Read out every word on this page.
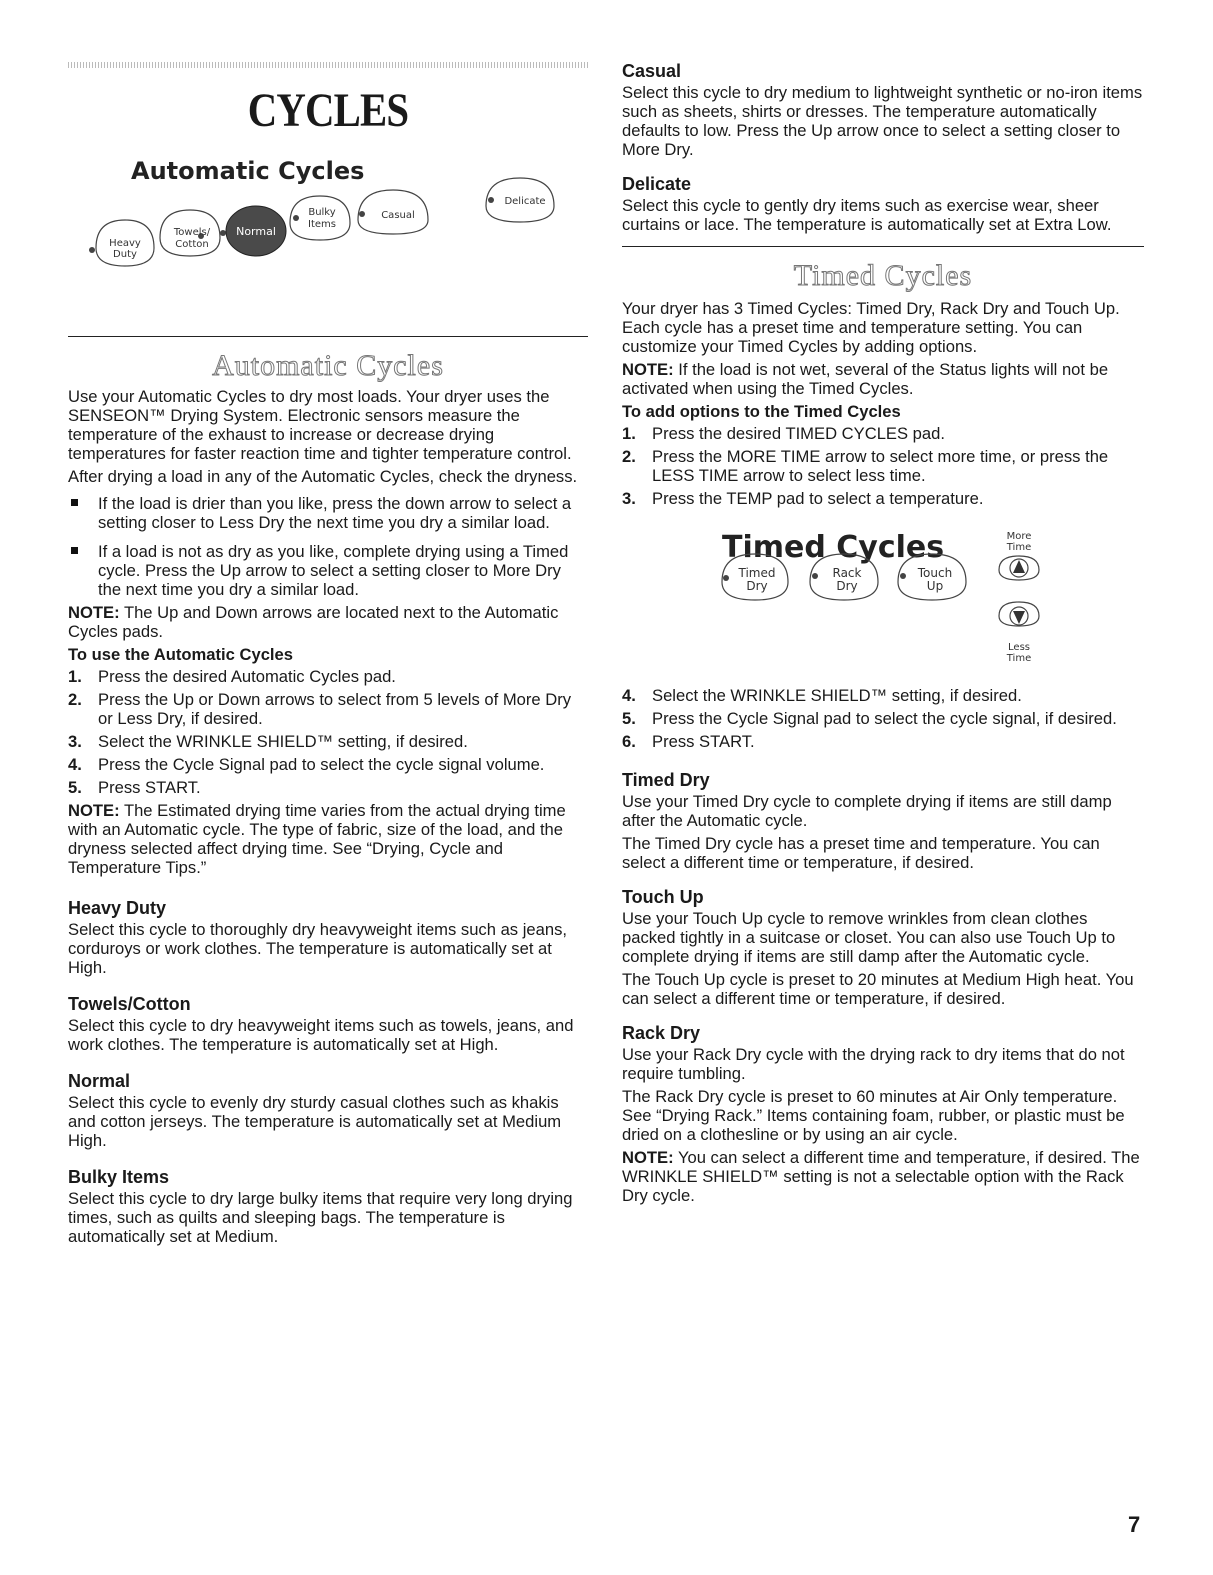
CYCLES
Automatic Cycles
Heavy
Duty
Towels/
Cotton
Normal
Bulky
Items
Casual
Delicate
Automatic Cycles

Use your Automatic Cycles to dry most loads. Your dryer uses the SENSEON™ Drying System. Electronic sensors measure the temperature of the exhaust to increase or decrease drying temperatures for faster reaction time and tighter temperature control.

After drying a load in any of the Automatic Cycles, check the dryness.

If the load is drier than you like, press the down arrow to select a setting closer to Less Dry the next time you dry a similar load.
If a load is not as dry as you like, complete drying using a Timed cycle. Press the Up arrow to select a setting closer to More Dry the next time you dry a similar load.

NOTE: The Up and Down arrows are located next to the Automatic Cycles pads.

To use the Automatic Cycles
1. Press the desired Automatic Cycles pad.
2. Press the Up or Down arrows to select from 5 levels of More Dry or Less Dry, if desired.
3. Select the WRINKLE SHIELD™ setting, if desired.
4. Press the Cycle Signal pad to select the cycle signal volume.
5. Press START.

NOTE: The Estimated drying time varies from the actual drying time with an Automatic cycle. The type of fabric, size of the load, and the dryness selected affect drying time. See “Drying, Cycle and Temperature Tips.”

Heavy Duty

Select this cycle to thoroughly dry heavyweight items such as jeans, corduroys or work clothes. The temperature is automatically set at High.

Towels/Cotton

Select this cycle to dry heavyweight items such as towels, jeans, and work clothes. The temperature is automatically set at High.

Normal

Select this cycle to evenly dry sturdy casual clothes such as khakis and cotton jerseys. The temperature is automatically set at Medium High.

Bulky Items

Select this cycle to dry large bulky items that require very long drying times, such as quilts and sleeping bags. The temperature is automatically set at Medium.

Casual

Select this cycle to dry medium to lightweight synthetic or no-iron items such as sheets, shirts or dresses. The temperature automatically defaults to low. Press the Up arrow once to select a setting closer to More Dry.

Delicate

Select this cycle to gently dry items such as exercise wear, sheer curtains or lace. The temperature is automatically set at Extra Low.

Timed Cycles

Your dryer has 3 Timed Cycles: Timed Dry, Rack Dry and Touch Up. Each cycle has a preset time and temperature setting. You can customize your Timed Cycles by adding options.

NOTE: If the load is not wet, several of the Status lights will not be activated when using the Timed Cycles.

To add options to the Timed Cycles
1. Press the desired TIMED CYCLES pad.
2. Press the MORE TIME arrow to select more time, or press the LESS TIME arrow to select less time.
3. Press the TEMP pad to select a temperature.
Timed Cycles	More
Time
Timed
Dry
Rack
Dry
Touch
Up
Less
Time
4. Select the WRINKLE SHIELD™ setting, if desired.
5. Press the Cycle Signal pad to select the cycle signal, if desired.
6. Press START.
Timed Dry

Use your Timed Dry cycle to complete drying if items are still damp after the Automatic cycle.

The Timed Dry cycle has a preset time and temperature. You can select a different time or temperature, if desired.

Touch Up

Use your Touch Up cycle to remove wrinkles from clean clothes packed tightly in a suitcase or closet. You can also use Touch Up to complete drying if items are still damp after the Automatic cycle.

The Touch Up cycle is preset to 20 minutes at Medium High heat. You can select a different time or temperature, if desired.

Rack Dry

Use your Rack Dry cycle with the drying rack to dry items that do not require tumbling.

The Rack Dry cycle is preset to 60 minutes at Air Only temperature. See “Drying Rack.” Items containing foam, rubber, or plastic must be dried on a clothesline or by using an air cycle.

NOTE: You can select a different time and temperature, if desired. The WRINKLE SHIELD™ setting is not a selectable option with the Rack Dry cycle.

7
